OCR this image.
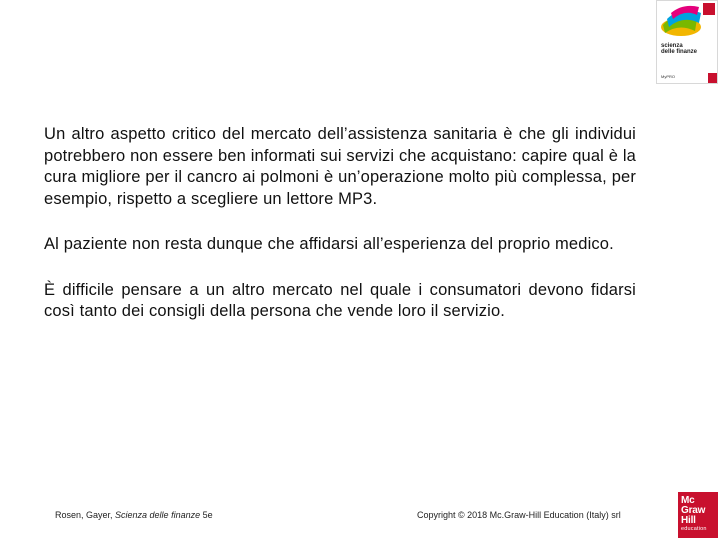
scienza
delle finanze
MyPRO

Un altro aspetto critico del mercato dell’assistenza sanitaria è che gli individui potrebbero non essere ben informati sui servizi che acquistano: capire qual è la cura migliore per il cancro ai polmoni è un’operazione molto più complessa, per esempio, rispetto a scegliere un lettore MP3.

Al paziente non resta dunque che affidarsi all’esperienza del proprio medico.

È difficile pensare a un altro mercato nel quale i consumatori devono fidarsi così tanto dei consigli della persona che vende loro il servizio.

Rosen, Gayer, Scienza delle finanze 5e	Copyright © 2018 Mc.Graw-Hill Education (Italy) srl
Mc
Graw
Hill
education
